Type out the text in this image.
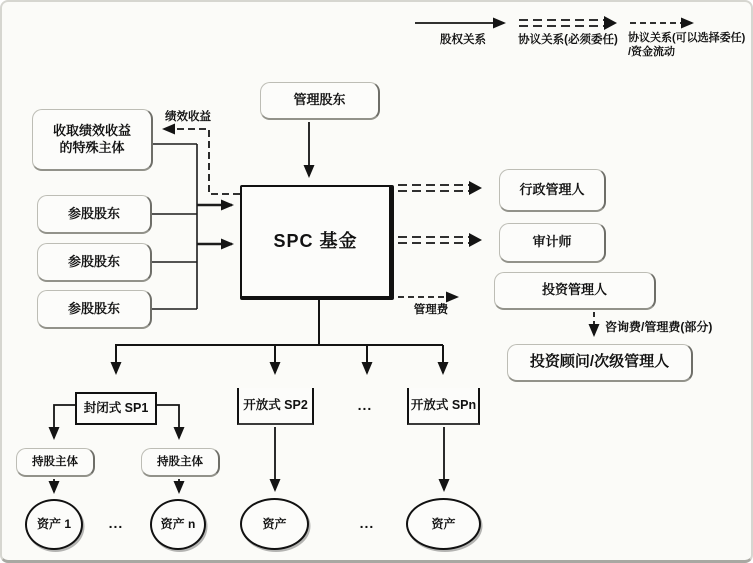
股权关系	协议关系(必须委任) 协议关系(可以选择委任)
/资金流动
管理股东
收取绩效收益
的特殊主体
绩效收益
参股股东
参股股东
参股股东
SPC 基金
行政管理人
审计师
投资管理人
管理费
咨询费/管理费(部分)
投资顾问/次级管理人
封闭式 SP1	开放式 SP2	...	开放式 SPn
持股主体	持股主体
资产 1	...	资产 n	资产	...	资产
